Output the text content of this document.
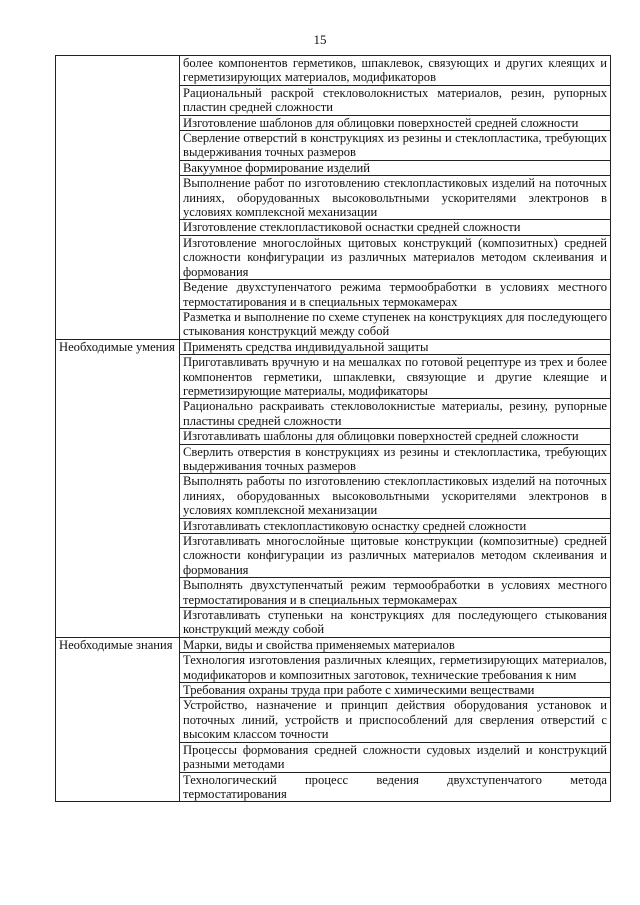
15
	более компонентов герметиков, шпаклевок, связующих и других клеящих и герметизирующих материалов, модификаторов
	Рациональный раскрой стекловолокнистых материалов, резин, рупорных пластин средней сложности
	Изготовление шаблонов для облицовки поверхностей средней сложности
	Сверление отверстий в конструкциях из резины и стеклопластика, требующих выдерживания точных размеров
	Вакуумное формирование изделий
	Выполнение работ по изготовлению стеклопластиковых изделий на поточных линиях, оборудованных высоковольтными ускорителями электронов в условиях комплексной механизации
	Изготовление стеклопластиковой оснастки средней сложности
	Изготовление многослойных щитовых конструкций (композитных) средней сложности конфигурации из различных материалов методом склеивания и формования
	Ведение двухступенчатого режима термообработки в условиях местного термостатирования и в специальных термокамерах
	Разметка и выполнение по схеме ступенек на конструкциях для последующего стыкования конструкций между собой
Необходимые умения	Применять средства индивидуальной защиты
	Приготавливать вручную и на мешалках по готовой рецептуре из трех и более компонентов герметики, шпаклевки, связующие и другие клеящие и герметизирующие материалы, модификаторы
	Рационально раскраивать стекловолокнистые материалы, резину, рупорные пластины средней сложности
	Изготавливать шаблоны для облицовки поверхностей средней сложности
	Сверлить отверстия в конструкциях из резины и стеклопластика, требующих выдерживания точных размеров
	Выполнять работы по изготовлению стеклопластиковых изделий на поточных линиях, оборудованных высоковольтными ускорителями электронов в условиях комплексной механизации
	Изготавливать стеклопластиковую оснастку средней сложности
	Изготавливать многослойные щитовые конструкции (композитные) средней сложности конфигурации из различных материалов методом склеивания и формования
	Выполнять двухступенчатый режим термообработки в условиях местного термостатирования и в специальных термокамерах
	Изготавливать ступеньки на конструкциях для последующего стыкования конструкций между собой
Необходимые знания	Марки, виды и свойства применяемых материалов
	Технология изготовления различных клеящих, герметизирующих материалов, модификаторов и композитных заготовок, технические требования к ним
	Требования охраны труда при работе с химическими веществами
	Устройство, назначение и принцип действия оборудования установок и поточных линий, устройств и приспособлений для сверления отверстий с высоким классом точности
	Процессы формования средней сложности судовых изделий и конструкций разными методами
	Технологический процесс ведения двухступенчатого метода термостатирования
